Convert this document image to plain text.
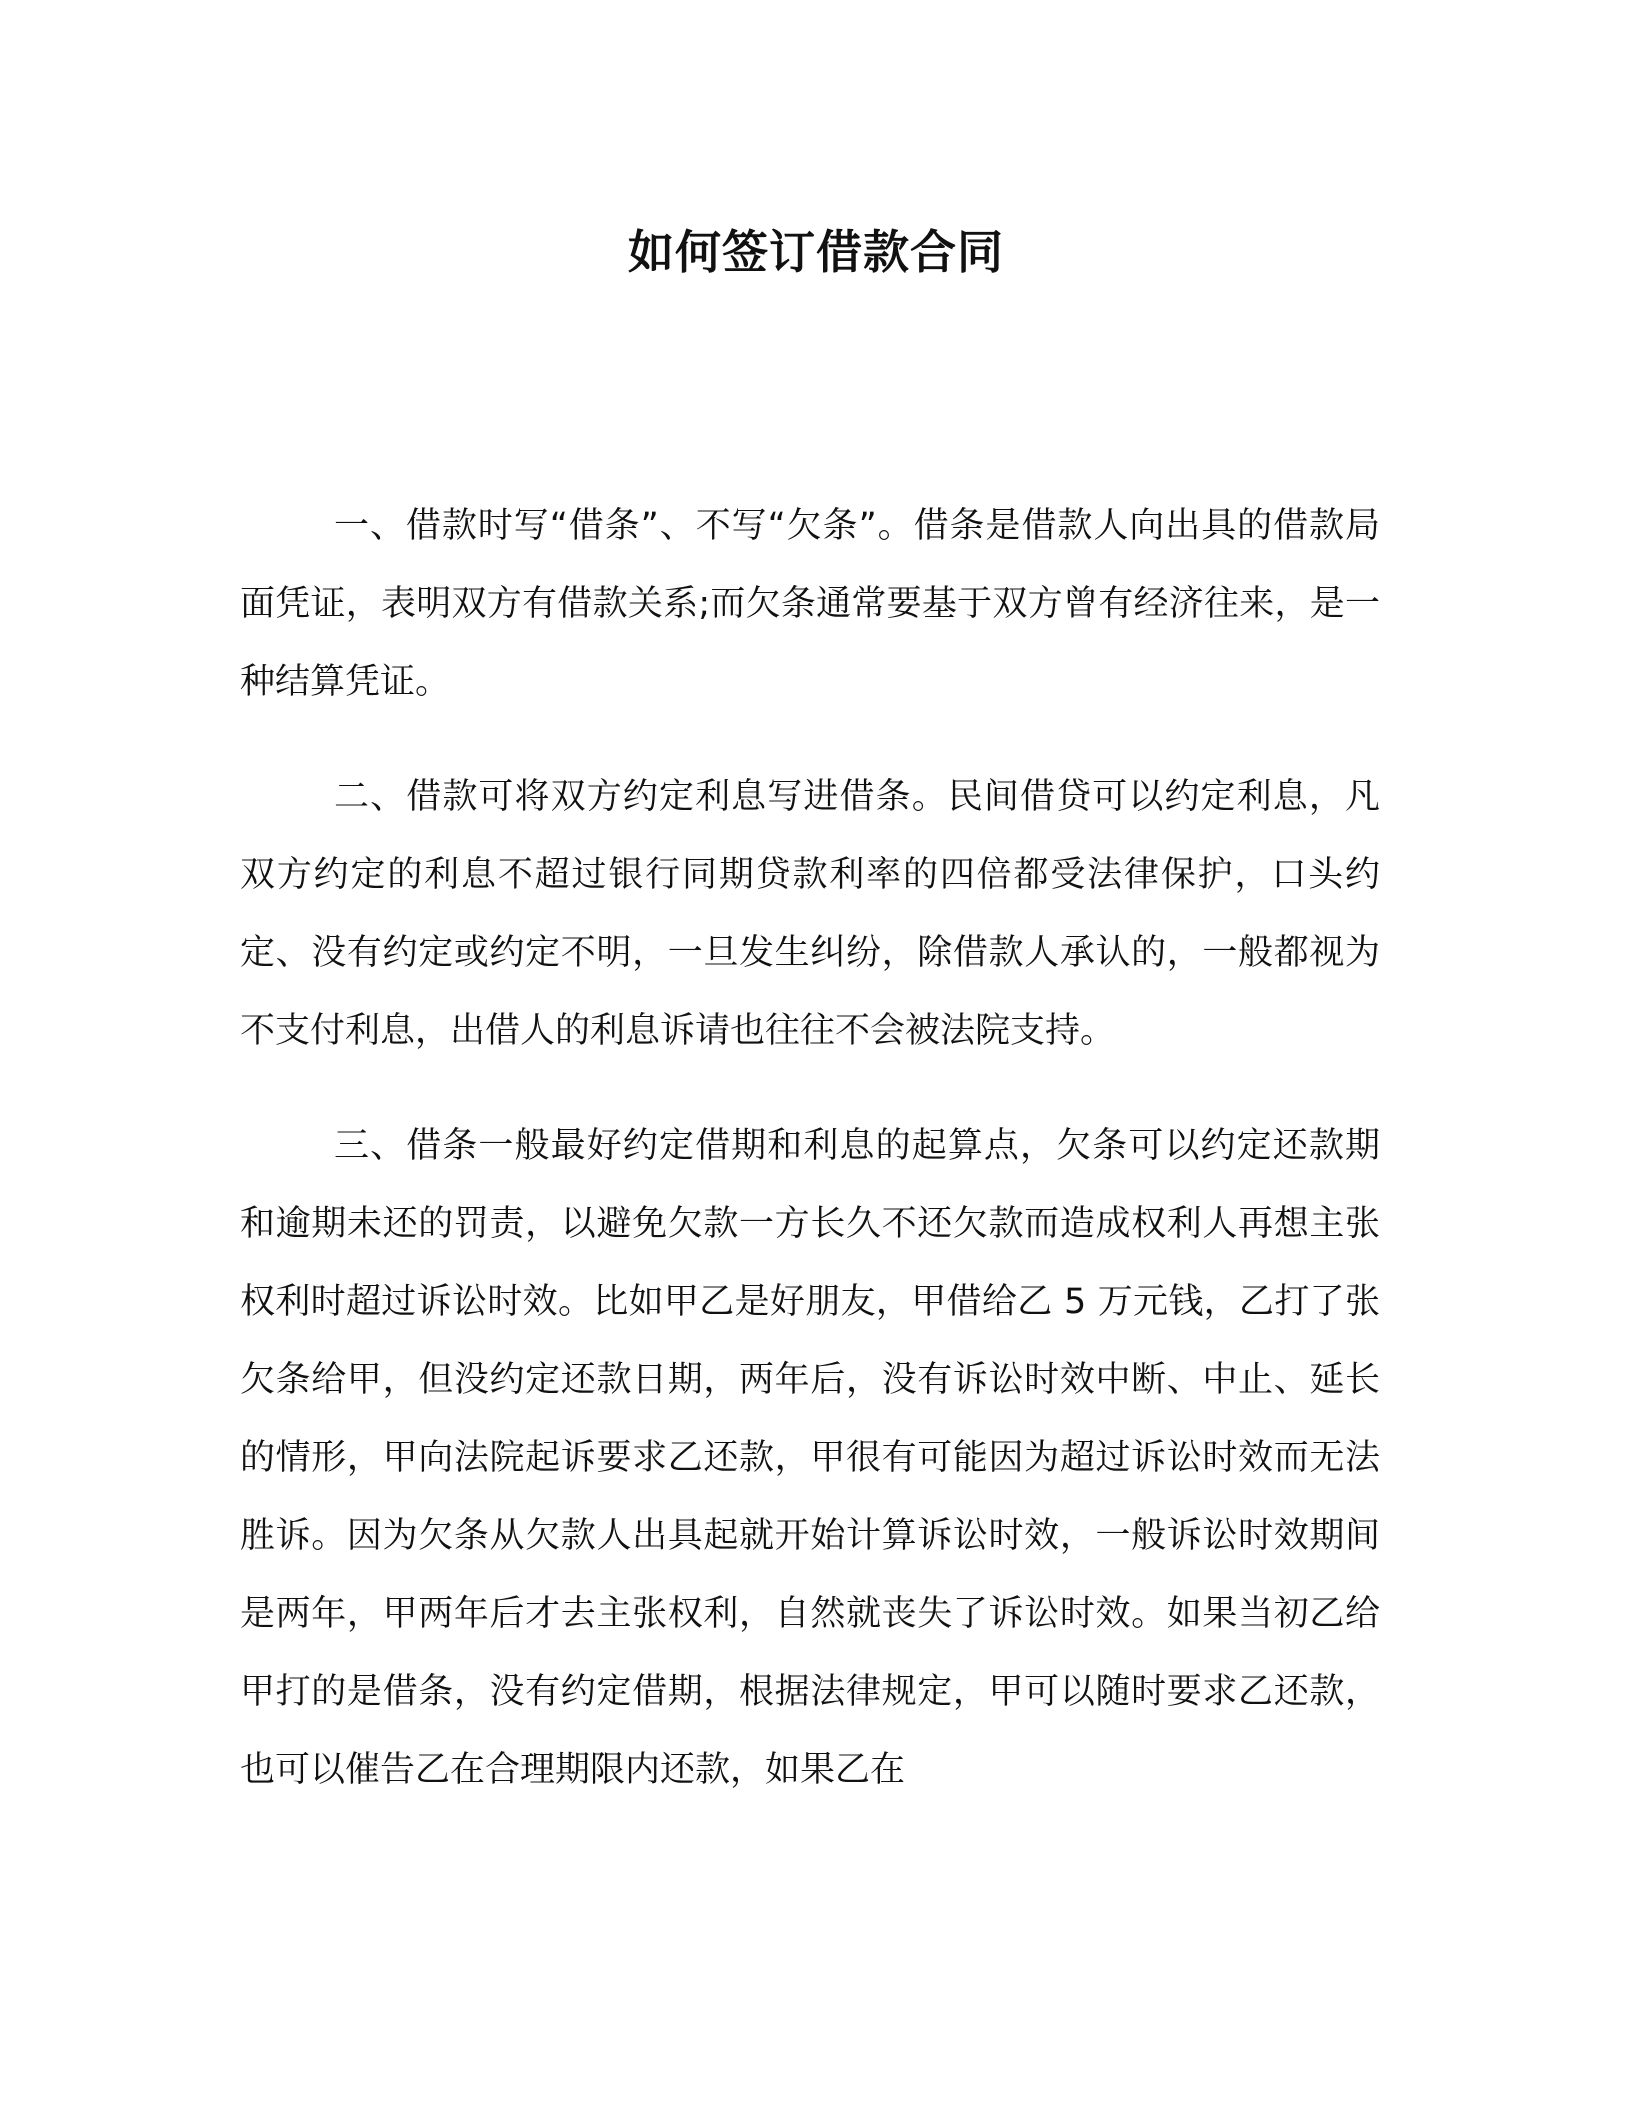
如何签订借款合同

一、借款时写“借条”、不写“欠条”。借条是借款人向出具的借款局面凭证，表明双方有借款关系;而欠条通常要基于双方曾有经济往来，是一种结算凭证。

二、借款可将双方约定利息写进借条。民间借贷可以约定利息，凡双方约定的利息不超过银行同期贷款利率的四倍都受法律保护，口头约定、没有约定或约定不明，一旦发生纠纷，除借款人承认的，一般都视为不支付利息，出借人的利息诉请也往往不会被法院支持。

三、借条一般最好约定借期和利息的起算点，欠条可以约定还款期和逾期未还的罚责，以避免欠款一方长久不还欠款而造成权利人再想主张权利时超过诉讼时效。比如甲乙是好朋友，甲借给乙 5 万元钱，乙打了张欠条给甲，但没约定还款日期，两年后，没有诉讼时效中断、中止、延长的情形，甲向法院起诉要求乙还款，甲很有可能因为超过诉讼时效而无法胜诉。因为欠条从欠款人出具起就开始计算诉讼时效，一般诉讼时效期间是两年，甲两年后才去主张权利，自然就丧失了诉讼时效。如果当初乙给甲打的是借条，没有约定借期，根据法律规定，甲可以随时要求乙还款，也可以催告乙在合理期限内还款，如果乙在
